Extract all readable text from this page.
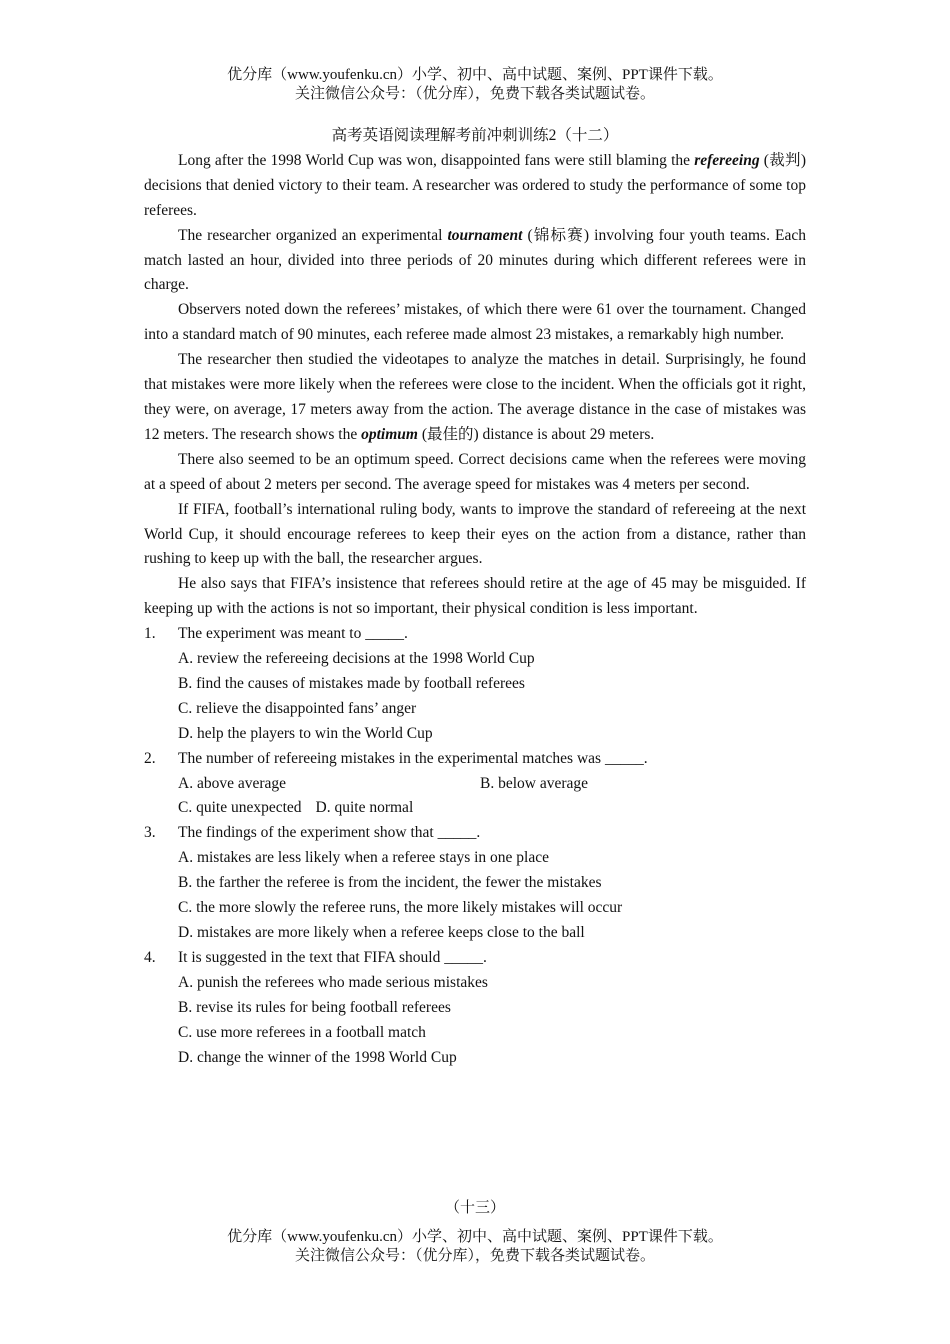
优分库（www.youfenku.cn）小学、初中、高中试题、案例、PPT课件下载。
关注微信公众号：（优分库），免费下载各类试题试卷。
高考英语阅读理解考前冲刺训练2（十二）

Long after the 1998 World Cup was won, disappointed fans were still blaming the refereeing (裁判) decisions that denied victory to their team. A researcher was ordered to study the performance of some top referees.

The researcher organized an experimental tournament (锦标赛) involving four youth teams. Each match lasted an hour, divided into three periods of 20 minutes during which different referees were in charge.

Observers noted down the referees’ mistakes, of which there were 61 over the tournament. Changed into a standard match of 90 minutes, each referee made almost 23 mistakes, a remarkably high number.

The researcher then studied the videotapes to analyze the matches in detail. Surprisingly, he found that mistakes were more likely when the referees were close to the incident. When the officials got it right, they were, on average, 17 meters away from the action. The average distance in the case of mistakes was 12 meters. The research shows the optimum (最佳的) distance is about 29 meters.

There also seemed to be an optimum speed. Correct decisions came when the referees were moving at a speed of about 2 meters per second. The average speed for mistakes was 4 meters per second.

If FIFA, football’s international ruling body, wants to improve the standard of refereeing at the next World Cup, it should encourage referees to keep their eyes on the action from a distance, rather than rushing to keep up with the ball, the researcher argues.

He also says that FIFA’s insistence that referees should retire at the age of 45 may be misguided. If keeping up with the actions is not so important, their physical condition is less important.

1. The experiment was meant to _____.

A. review the refereeing decisions at the 1998 World Cup

B. find the causes of mistakes made by football referees

C. relieve the disappointed fans’ anger

D. help the players to win the World Cup

2. The number of refereeing mistakes in the experimental matches was _____.

A. above average	B. below average

C. quite unexpected D. quite normal

3. The findings of the experiment show that _____.

A. mistakes are less likely when a referee stays in one place

B. the farther the referee is from the incident, the fewer the mistakes

C. the more slowly the referee runs, the more likely mistakes will occur

D. mistakes are more likely when a referee keeps close to the ball

4. It is suggested in the text that FIFA should _____.

A. punish the referees who made serious mistakes

B. revise its rules for being football referees

C. use more referees in a football match

D. change the winner of the 1998 World Cup

（十三）
优分库（www.youfenku.cn）小学、初中、高中试题、案例、PPT课件下载。
关注微信公众号：（优分库），免费下载各类试题试卷。
